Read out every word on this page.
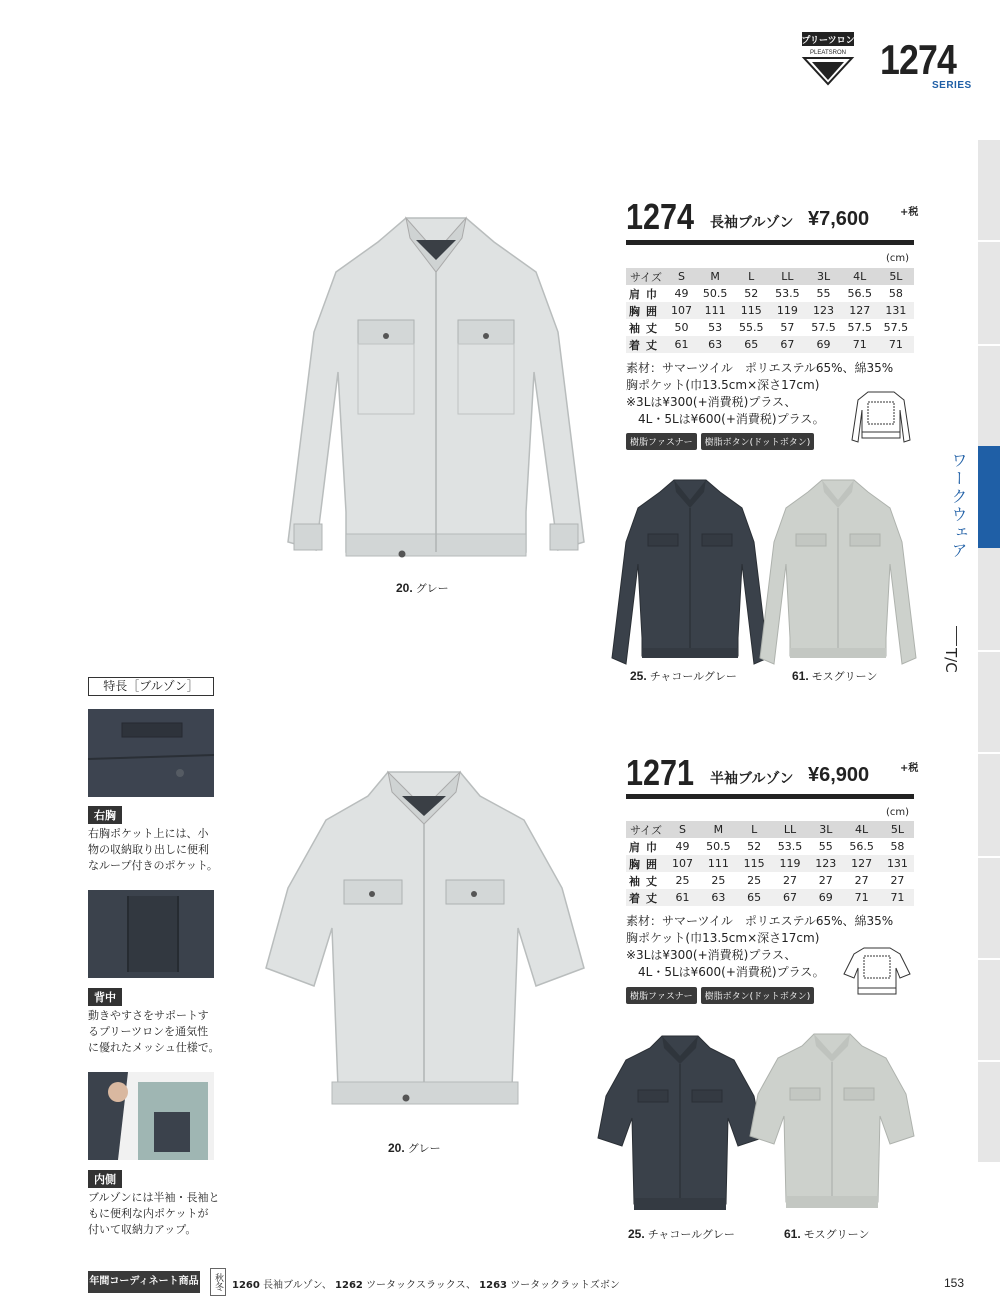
プリーツロン
PLEATSRON 1274
SERIES
ワークウェア
T/C
20. グレー
1274 長袖ブルゾン ¥7,600	+税
(cm)
サイズ	S	M	L	LL	3L	4L	5L
肩巾	49	50.5	52	53.5	55	56.5	58
胸囲	107	111	115	119	123	127	131
袖丈	50	53	55.5	57	57.5	57.5	57.5
着丈	61	63	65	67	69	71	71
素材：サマーツイル　ポリエステル65%、綿35%
胸ポケット(巾13.5cm×深さ17cm)
※3Lは¥300(+消費税)プラス、
　4L・5Lは¥600(+消費税)プラス。
樹脂ファスナー	樹脂ボタン(ドットボタン)
25. チャコールグレー	61. モスグリーン
特長［ブルゾン］
右胸
右胸ポケット上には、小
物の収納取り出しに便利
なループ付きのポケット。
背中
動きやすさをサポートす
るプリーツロンを通気性
に優れたメッシュ仕様で。
内側
ブルゾンには半袖・長袖と
もに便利な内ポケットが
付いて収納力アップ。
20. グレー
1271 半袖ブルゾン ¥6,900	+税
(cm)
サイズ	S	M	L	LL	3L	4L	5L
肩巾	49	50.5	52	53.5	55	56.5	58
胸囲	107	111	115	119	123	127	131
袖丈	25	25	25	27	27	27	27
着丈	61	63	65	67	69	71	71
素材：サマーツイル　ポリエステル65%、綿35%
胸ポケット(巾13.5cm×深さ17cm)
※3Lは¥300(+消費税)プラス、
　4L・5Lは¥600(+消費税)プラス。
樹脂ファスナー	樹脂ボタン(ドットボタン)
25. チャコールグレー	61. モスグリーン
年間コーディネート商品	秋冬 1260 長袖ブルゾン、 1262 ツータックスラックス、 1263 ツータックラットズボン	153
